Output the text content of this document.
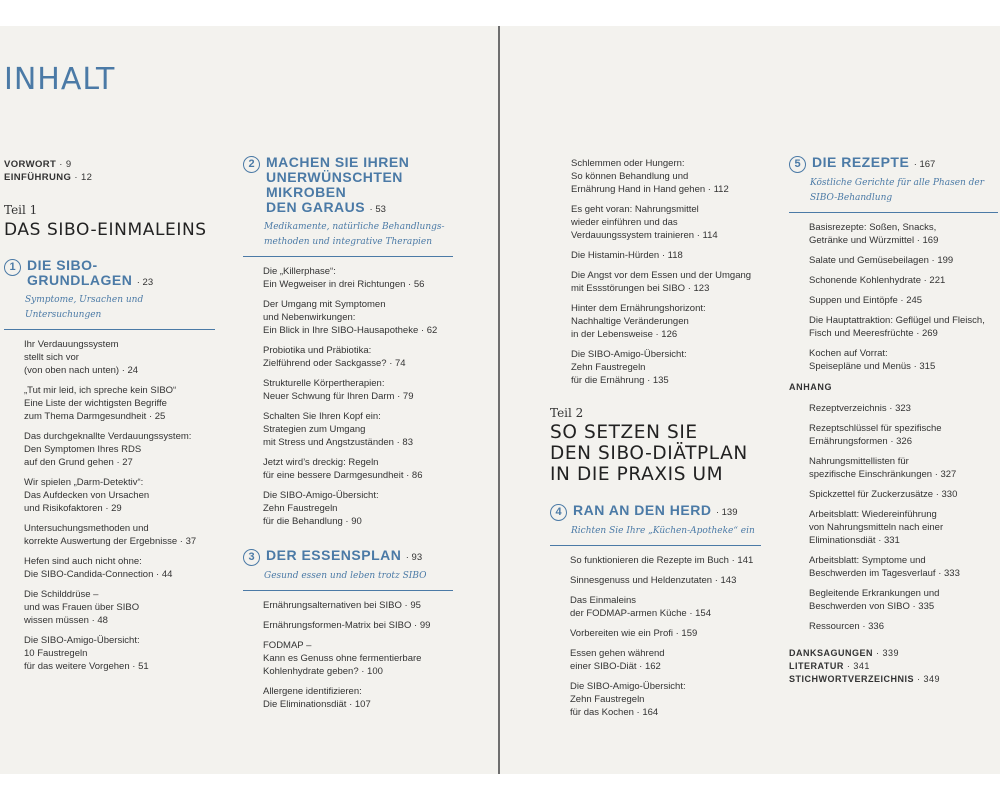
INHALT
VORWORT · 9
EINFÜHRUNG · 12
Teil 1
DAS SIBO-EINMALEINS
1 DIE SIBO-
GRUNDLAGEN · 23
Symptome, Ursachen und Untersuchungen
Ihr Verdauungssystem
stellt sich vor
(von oben nach unten) · 24
„Tut mir leid, ich spreche kein SIBO“
Eine Liste der wichtigsten Begriffe
zum Thema Darmgesundheit · 25
Das durchgeknallte Verdauungssystem:
Den Symptomen Ihres RDS
auf den Grund gehen · 27
Wir spielen „Darm-Detektiv“:
Das Aufdecken von Ursachen
und Risikofaktoren · 29
Untersuchungsmethoden und
korrekte Auswertung der Ergebnisse · 37
Hefen sind auch nicht ohne:
Die SIBO-Candida-Connection · 44
Die Schilddrüse –
und was Frauen über SIBO
wissen müssen · 48
Die SIBO-Amigo-Übersicht:
10 Faustregeln
für das weitere Vorgehen · 51
2 MACHEN SIE IHREN
UNERWÜNSCHTEN
MIKROBEN
DEN GARAUS · 53
Medikamente, natürliche Behandlungs-
methoden und integrative Therapien
Die „Killerphase“:
Ein Wegweiser in drei Richtungen · 56
Der Umgang mit Symptomen
und Nebenwirkungen:
Ein Blick in Ihre SIBO-Hausapotheke · 62
Probiotika und Präbiotika:
Zielführend oder Sackgasse? · 74
Strukturelle Körpertherapien:
Neuer Schwung für Ihren Darm · 79
Schalten Sie Ihren Kopf ein:
Strategien zum Umgang
mit Stress und Angstzuständen · 83
Jetzt wird’s dreckig: Regeln
für eine bessere Darmgesundheit · 86
Die SIBO-Amigo-Übersicht:
Zehn Faustregeln
für die Behandlung · 90
3 DER ESSENSPLAN · 93
Gesund essen und leben trotz SIBO
Ernährungsalternativen bei SIBO · 95
Ernährungsformen-Matrix bei SIBO · 99
FODMAP –
Kann es Genuss ohne fermentierbare
Kohlenhydrate geben? · 100
Allergene identifizieren:
Die Eliminationsdiät · 107
Schlemmen oder Hungern:
So können Behandlung und
Ernährung Hand in Hand gehen · 112
Es geht voran: Nahrungsmittel
wieder einführen und das
Verdauungssystem trainieren · 114
Die Histamin-Hürden · 118
Die Angst vor dem Essen und der Umgang
mit Essstörungen bei SIBO · 123
Hinter dem Ernährungshorizont:
Nachhaltige Veränderungen
in der Lebensweise · 126
Die SIBO-Amigo-Übersicht:
Zehn Faustregeln
für die Ernährung · 135
Teil 2
SO SETZEN SIE
DEN SIBO-DIÄTPLAN
IN DIE PRAXIS UM
4 RAN AN DEN HERD · 139
Richten Sie Ihre „Küchen-Apotheke“ ein
So funktionieren die Rezepte im Buch · 141
Sinnesgenuss und Heldenzutaten · 143
Das Einmaleins
der FODMAP-armen Küche · 154
Vorbereiten wie ein Profi · 159
Essen gehen während
einer SIBO-Diät · 162
Die SIBO-Amigo-Übersicht:
Zehn Faustregeln
für das Kochen · 164
5 DIE REZEPTE · 167
Köstliche Gerichte für alle Phasen der
SIBO-Behandlung
Basisrezepte: Soßen, Snacks,
Getränke und Würzmittel · 169
Salate und Gemüsebeilagen · 199
Schonende Kohlenhydrate · 221
Suppen und Eintöpfe · 245
Die Hauptattraktion: Geflügel und Fleisch,
Fisch und Meeresfrüchte · 269
Kochen auf Vorrat:
Speisepläne und Menüs · 315
ANHANG
Rezeptverzeichnis · 323
Rezeptschlüssel für spezifische
Ernährungsformen · 326
Nahrungsmittellisten für
spezifische Einschränkungen · 327
Spickzettel für Zuckerzusätze · 330
Arbeitsblatt: Wiedereinführung
von Nahrungsmitteln nach einer
Eliminationsdiät · 331
Arbeitsblatt: Symptome und
Beschwerden im Tagesverlauf · 333
Begleitende Erkrankungen und
Beschwerden von SIBO · 335
Ressourcen · 336
DANKSAGUNGEN · 339
LITERATUR · 341
STICHWORTVERZEICHNIS · 349
